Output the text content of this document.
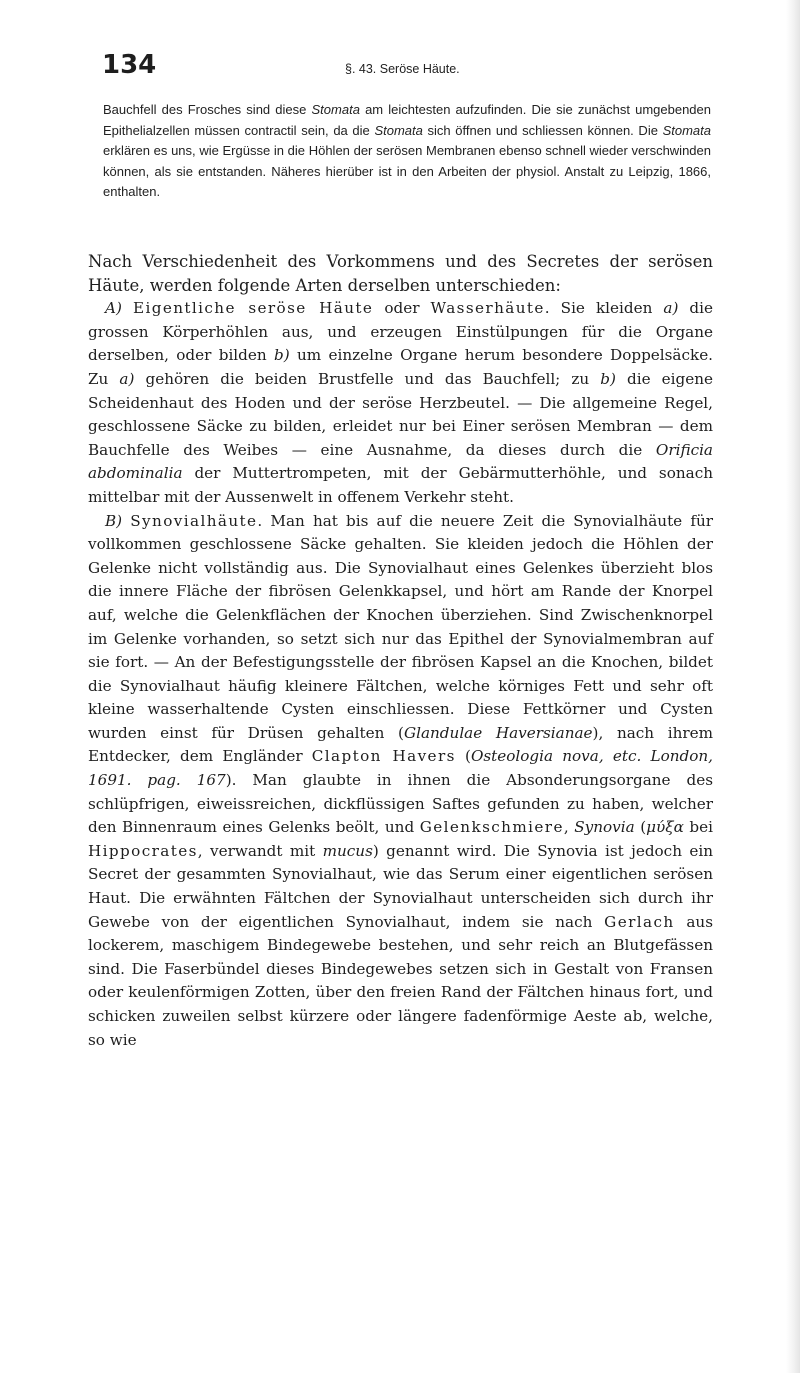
134	§. 43. Seröse Häute.

Bauchfell des Frosches sind diese Stomata am leichtesten aufzufinden. Die sie zunächst umgebenden Epithelialzellen müssen contractil sein, da die Stomata sich öffnen und schliessen können. Die Stomata erklären es uns, wie Ergüsse in die Höhlen der serösen Membranen ebenso schnell wieder verschwinden können, als sie entstanden. Näheres hierüber ist in den Arbeiten der physiol. Anstalt zu Leipzig, 1866, enthalten.

Nach Verschiedenheit des Vorkommens und des Secretes der serösen Häute, werden folgende Arten derselben unterschieden:

A) Eigentliche seröse Häute oder Wasserhäute. Sie kleiden a) die grossen Körperhöhlen aus, und erzeugen Einstülpungen für die Organe derselben, oder bilden b) um einzelne Organe herum besondere Doppelsäcke. Zu a) gehören die beiden Brustfelle und das Bauchfell; zu b) die eigene Scheidenhaut des Hoden und der seröse Herzbeutel. — Die allgemeine Regel, geschlossene Säcke zu bilden, erleidet nur bei Einer serösen Membran — dem Bauchfelle des Weibes — eine Ausnahme, da dieses durch die Orificia abdominalia der Muttertrompeten, mit der Gebärmutterhöhle, und sonach mittelbar mit der Aussenwelt in offenem Verkehr steht.

B) Synovialhäute. Man hat bis auf die neuere Zeit die Synovialhäute für vollkommen geschlossene Säcke gehalten. Sie kleiden jedoch die Höhlen der Gelenke nicht vollständig aus. Die Synovialhaut eines Gelenkes überzieht blos die innere Fläche der fibrösen Gelenkkapsel, und hört am Rande der Knorpel auf, welche die Gelenkflächen der Knochen überziehen. Sind Zwischenknorpel im Gelenke vorhanden, so setzt sich nur das Epithel der Synovialmembran auf sie fort. — An der Befestigungsstelle der fibrösen Kapsel an die Knochen, bildet die Synovialhaut häufig kleinere Fältchen, welche körniges Fett und sehr oft kleine wasserhaltende Cysten einschliessen. Diese Fettkörner und Cysten wurden einst für Drüsen gehalten (Glandulae Haversianae), nach ihrem Entdecker, dem Engländer Clapton Havers (Osteologia nova, etc. London, 1691. pag. 167). Man glaubte in ihnen die Absonderungsorgane des schlüpfrigen, eiweissreichen, dickflüssigen Saftes gefunden zu haben, welcher den Binnenraum eines Gelenks beölt, und Gelenkschmiere, Synovia (μύξα bei Hippocrates, verwandt mit mucus) genannt wird. Die Synovia ist jedoch ein Secret der gesammten Synovialhaut, wie das Serum einer eigentlichen serösen Haut. Die erwähnten Fältchen der Synovialhaut unterscheiden sich durch ihr Gewebe von der eigentlichen Synovialhaut, indem sie nach Gerlach aus lockerem, maschigem Bindegewebe bestehen, und sehr reich an Blutgefässen sind. Die Faserbündel dieses Bindegewebes setzen sich in Gestalt von Fransen oder keulenförmigen Zotten, über den freien Rand der Fältchen hinaus fort, und schicken zuweilen selbst kürzere oder längere fadenförmige Aeste ab, welche, so wie
